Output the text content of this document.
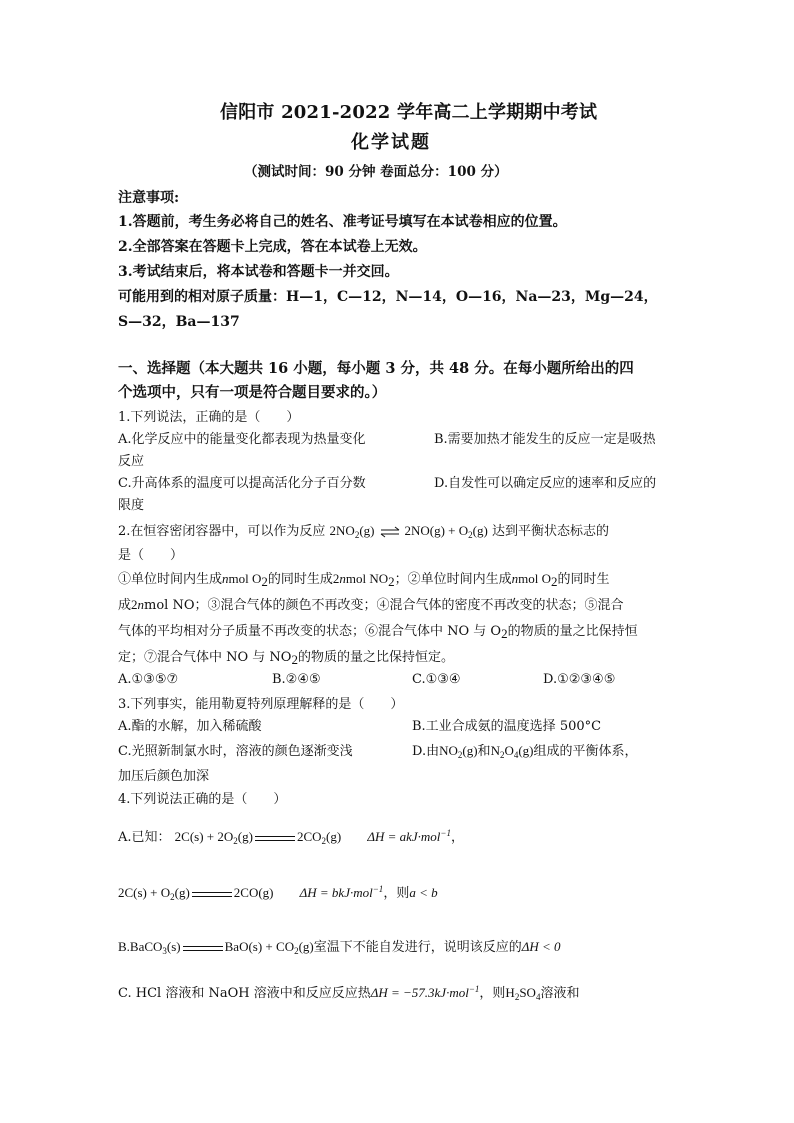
信阳市 2021-2022 学年高二上学期期中考试
化学试题
（测试时间：90 分钟 卷面总分：100 分）
注意事项:
1.答题前，考生务必将自己的姓名、准考证号填写在本试卷相应的位置。
2.全部答案在答题卡上完成，答在本试卷上无效。
3.考试结束后，将本试卷和答题卡一并交回。
可能用到的相对原子质量：H—1，C—12，N—14，O—16，Na—23，Mg—24，
S—32，Ba—137
一、选择题（本大题共 16 小题，每小题 3 分，共 48 分。在每小题所给出的四
个选项中，只有一项是符合题目要求的。）
1.下列说法，正确的是（　　）
A.化学反应中的能量变化都表现为热量变化	B.需要加热才能发生的反应一定是吸热
反应
C.升高体系的温度可以提高活化分子百分数	D.自发性可以确定反应的速率和反应的
限度
2.在恒容密闭容器中，可以作为反应 $2NO_2(g)$ ⇌ $2NO(g) + O_2(g)$ 达到平衡状态标志的
是（　　）
①单位时间内生成nmol $O_2$的同时生成2nmol $NO_2$；②单位时间内生成nmol $O_2$的同时生
成2nmol NO；③混合气体的颜色不再改变；④混合气体的密度不再改变的状态；⑤混合
气体的平均相对分子质量不再改变的状态；⑥混合气体中 NO 与 $O_2$的物质的量之比保持恒
定；⑦混合气体中 NO 与 $NO_2$的物质的量之比保持恒定。
A.①③⑤⑦	B.②④⑤	C.①③④	D.①②③④⑤
3.下列事实，能用勒夏特列原理解释的是（　　）
A.酯的水解，加入稀硫酸	B.工业合成氨的温度选择 500°C
C.光照新制氯水时，溶液的颜色逐渐变浅	D.由$NO_2(g)$和$N_2O_4(g)$组成的平衡体系，
加压后颜色加深
4.下列说法正确的是（　　）
A.已知： $2C(s) + 2O_2(g)$	$2CO_2(g) \Delta H = akJ\cdot mol^{-1}$，
$2C(s) + O_2(g)$	2CO(g) ΔH = bkJ·mol$^{-1}$，则a < b
B.BaCO$_3$(s)	$BaO(s) + CO_2(g)$室温下不能自发进行，说明该反应的ΔH < 0
C. HCl 溶液和 NaOH 溶液中和反应反应热ΔH = −57.3kJ·mol$^{-1}$，则$H_2SO_4$溶液和
